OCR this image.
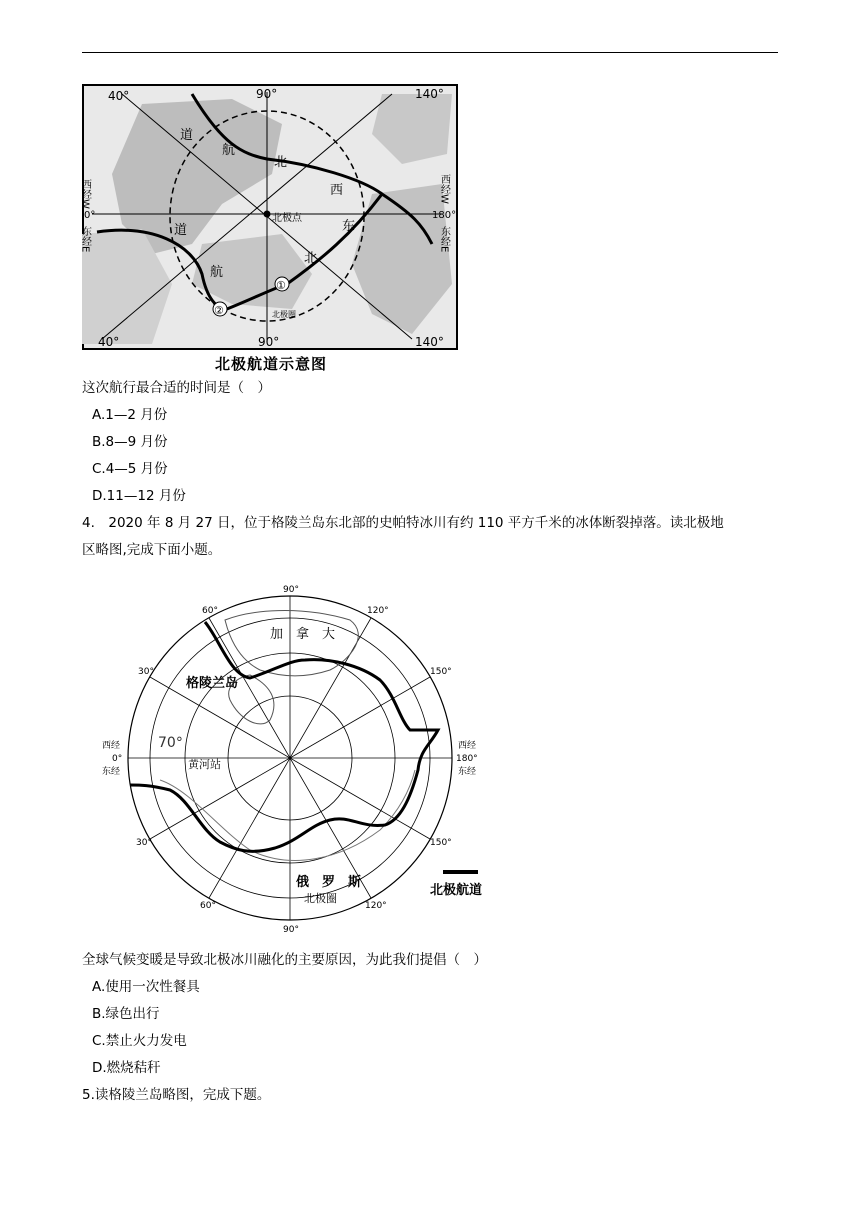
40°	90°	140°
40°	90°	140°
西经W
0°
东经E
西经W
180°
东经E
北极点
北极圈
道
航
北
西
东
北
道
航
①
②
北极航道示意图
这次航行最合适的时间是（　）
A.1—2 月份
B.8—9 月份
C.4—5 月份
D.11—12 月份
4.　2020 年 8 月 27 日，位于格陵兰岛东北部的史帕特冰川有约 110 平方千米的冰体断裂掉落。读北极地
区略图,完成下面小题。
90°
90°
60°	120°
30°	150°
30°	150°
60°	120°
西经
0°
东经
西经
180°
东经
70°
加　拿　大
格陵兰岛
黄河站
俄　罗　斯
北极圈
北极航道
全球气候变暖是导致北极冰川融化的主要原因，为此我们提倡（　）
A.使用一次性餐具
B.绿色出行
C.禁止火力发电
D.燃烧秸秆
5.读格陵兰岛略图，完成下题。
